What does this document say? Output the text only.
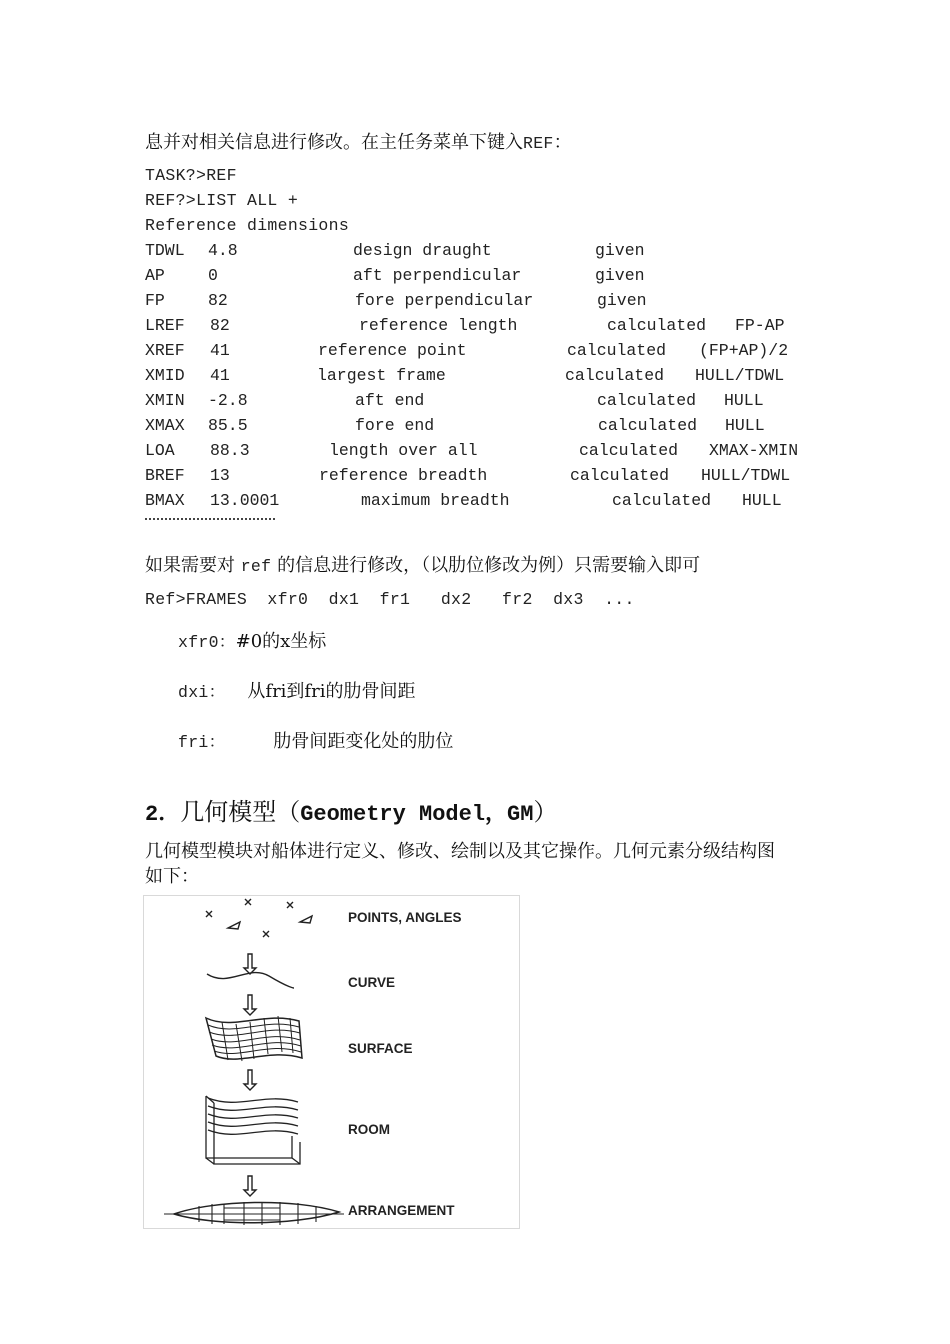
息并对相关信息进行修改。在主任务菜单下键入REF：
TASK?>REF
REF?>LIST ALL +
Reference dimensions
TDWL 4.8	design draught	given
AP	0	aft perpendicular	given
FP	82	fore perpendicular	given
LREF 82	reference length	calculated FP-AP
XREF 41	reference point	calculated (FP+AP)/2
XMID 41	largest frame	calculated HULL/TDWL
XMIN -2.8	aft end	calculated HULL
XMAX 85.5	fore end	calculated HULL
LOA 88.3	length over all	calculated XMAX-XMIN
BREF 13	reference breadth	calculated HULL/TDWL
BMAX 13.0001	maximum breadth	calculated HULL
如果需要对 ref 的信息进行修改，（以肋位修改为例）只需要输入即可
Ref>FRAMES  xfr0  dx1  fr1   dx2   fr2  dx3  ...
xfr0：#0的x坐标
dxi： 从fri到fri的肋骨间距
fri：	肋骨间距变化处的肋位
2．几何模型（Geometry Model，GM）
几何模型模块对船体进行定义、修改、绘制以及其它操作。几何元素分级结构图
如下：
POINTS, ANGLES
CURVE
SURFACE
ROOM
ARRANGEMENT
